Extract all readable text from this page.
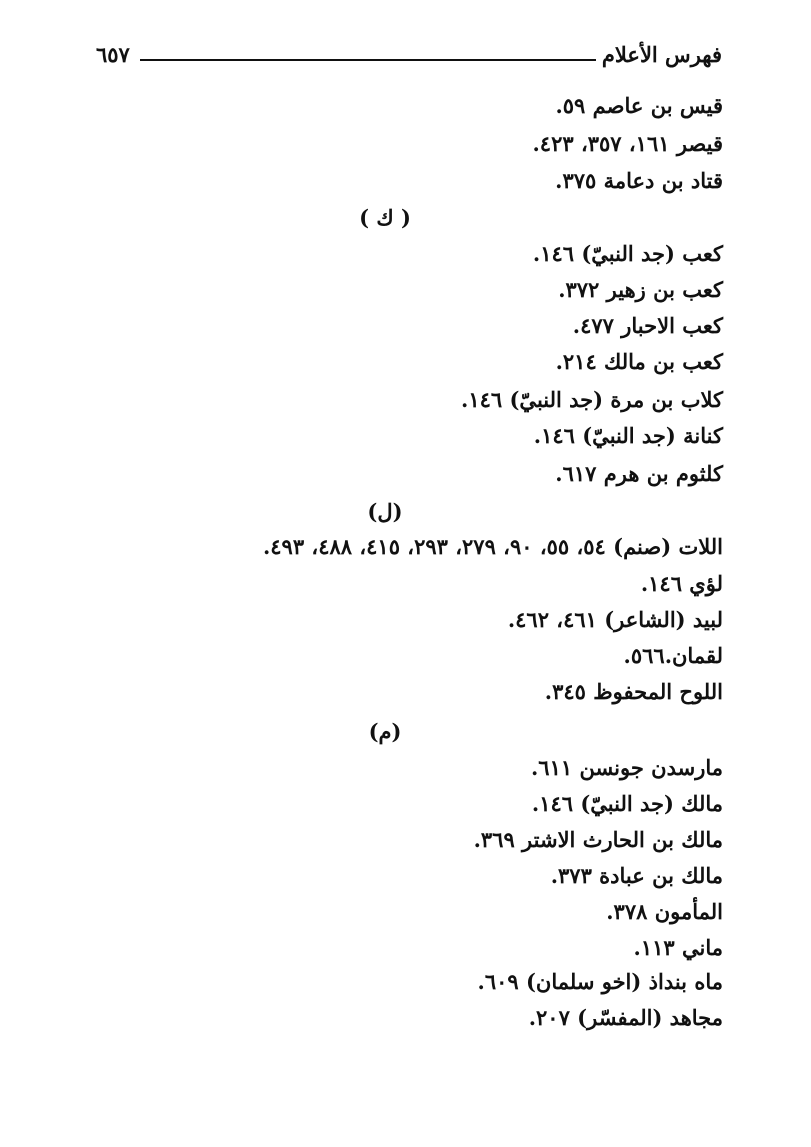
فهرس الأعلام
٦٥٧
قيس بن عاصم ٥٩.
قيصر ١٦١، ٣٥٧، ٤٢٣.
قتاد بن دعامة ٣٧٥.
( ك )
كعب (جد النبيّ) ١٤٦.
كعب بن زهير ٣٧٢.
كعب الاحبار ٤٧٧.
كعب بن مالك ٢١٤.
كلاب بن مرة (جد النبيّ) ١٤٦.
كنانة (جد النبيّ) ١٤٦.
كلثوم بن هرم ٦١٧.
(ل)
اللات (صنم) ٥٤، ٥٥، ٩٠، ٢٧٩، ٢٩٣، ٤١٥، ٤٨٨، ٤٩٣.
لؤي ١٤٦.
لبيد (الشاعر) ٤٦١، ٤٦٢.
لقمان.٥٦٦.
اللوح المحفوظ ٣٤٥.
(م)
مارسدن جونسن ٦١١.
مالك (جد النبيّ) ١٤٦.
مالك بن الحارث الاشتر ٣٦٩.
مالك بن عبادة ٣٧٣.
المأمون ٣٧٨.
ماني ١١٣.
ماه بنداذ (اخو سلمان) ٦٠٩.
مجاهد (المفسّر) ٢٠٧.
